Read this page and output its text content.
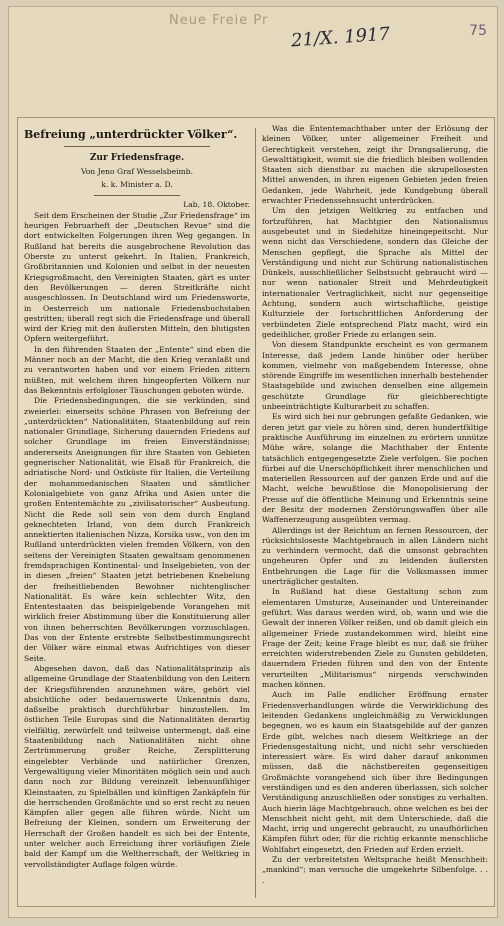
Neue Freie Pr
21/X. 1917	75
Befreiung „unterdrückter Völker“.
Zur Friedensfrage.
Von Jeno Graf Wesselsbeimb.
k. k. Minister a. D.
Lab, 18. Oktober.

Seit dem Erscheinen der Studie „Zur Friedensfrage“ im heurigen Februarheft der „Deutschen Revue“ sind die dort entwickelten Folgerungen ihren Weg gegangen. In Rußland hat bereits die ausgebrochene Revolution das Oberste zu unterst gekehrt. In Italien, Frankreich, Großbritannien und Kolonien und selbst in der neuesten Kriegsgroßmacht, den Vereinigten Staaten, gärt es unter den Bevölkerungen — deren Streitkräfte nicht ausgeschlossen. In Deutschland wird um Friedensworte, in Oesterreich um nationale Friedensbuchstaben gestritten; überall regt sich die Friedensfrage und überall wird der Krieg mit den äußersten Mitteln, den blutigsten Opfern weitergeführt.

In den führenden Staaten der „Entente“ sind eben die Männer noch an der Macht, die den Krieg veranlaßt und zu verantworten haben und vor einem Frieden zittern müßten, mit welchem ihren hingeopferten Völkern nur das Bekenntnis erfolgloser Täuschungen geboten würde.

Die Friedensbedingungen, die sie verkünden, sind zweierlei: einerseits schöne Phrasen von Befreiung der „unterdrückten“ Nationalitäten, Staatenbildung auf rein nationaler Grundlage, Sicherung dauernden Friedens auf solcher Grundlage im freien Einverständnisse; andererseits Aneignungen für ihre Staaten von Gebieten gegnerischer Nationalität, wie Elsaß für Frankreich, die adriatische Nord- und Ostküste für Italien, die Verteilung der mohammedanischen Staaten und sämtlicher Kolonialgebiete von ganz Afrika und Asien unter die großen Ententemächte zu „zivilisatorischer“ Ausbeutung. Nicht die Rede soll sein von dem durch England geknechteten Irland, von dem durch Frankreich annektierten italienischen Nizza, Korsika usw., von den im Rußland unterdrückten vielen fremden Völkern, von den seitens der Vereinigten Staaten gewaltsam genommenen fremdsprachigen Kontinental- und Inselgebieten, von der in diesen „freien“ Staaten jetzt betriebenen Knebelung der freiheitliebenden Bewohner nichtenglischer Nationalität. Es wäre kein schlechter Witz, den Ententestaaten das beispielgebende Vorangehen mit wirklich freier Abstimmung über die Konstituierung aller von ihnen beherrschten Bevölkerungen vorzuschlagen. Das von der Entente erstrebte Selbstbestimmungsrecht der Völker wäre einmal etwas Aufrichtiges von dieser Seite.

Abgesehen davon, daß das Nationalitätsprinzip als allgemeine Grundlage der Staatenbildung von den Leitern der Kriegsführenden anzunehmen wäre, gehört viel absichtliche oder bedauernswerte Unkenntnis dazu, daßselbe praktisch durchführbar hinzustellen. Im östlichen Teile Europas sind die Nationalitäten derartig vielfältig, zerwürfelt und teilweise untermengt, daß eine Staatenbildung nach Nationalitäten nicht ohne Zertrümmerung großer Reiche, Zersplitterung eingelebter Verbände und natürlicher Grenzen, Vergewaltigung vieler Minoritäten möglich sein und auch dann noch zur Bildung vereinzelt lebensunfähiger Kleinstaaten, zu Spielbällen und künftigen Zankäpfeln für die herrschenden Großmächte und so erst recht zu neuen Kämpfen aller gegen alle führen würde. Nicht um Befreiung der Kleinen, sondern um Erweiterung der Herrschaft der Großen handelt es sich bei der Entente, unter welcher auch Erreichung ihrer vorläufigen Ziele bald der Kampf um die Weltherrschaft, der Weltkrieg in vervollständigter Auflage folgen würde.

Was die Ententemachthaber unter der Erlösung der kleinen Völker, unter allgemeiner Freiheit und Gerechtigkeit verstehen, zeigt ihr Drangsalierung, die Gewalttätigkeit, womit sie die friedlich bleiben wollenden Staaten sich dienstbar zu machen die skrupellosesten Mittel anwenden, in ihren eigenen Gebieten jeden freien Gedanken, jede Wahrheit, jede Kundgebung überall erwachter Friedenssehnsucht unterdrücken.

Um den jetzigen Weltkrieg zu entfachen und fortzuführen, hat Machtgier den Nationalismus ausgebeutet und in Siedehitze hineingepeitscht. Nur wenn nicht das Verschiedene, sondern das Gleiche der Menschen gepflegt, die Sprache als Mittel der Verständigung und nicht zur Schürung nationalistischen Dünkels, ausschließlicher Selbstsucht gebraucht wird — nur wenn nationaler Streit und Mehrdeutigkeit internationaler Vertraglichkeit, nicht nur gegenseitige Achtung, sondern auch wirtschaftliche, geistige Kulturziele der fortschrittlichen Anforderung der verbündeten Ziele entsprechend Platz macht, wird ein gedeihlicher, großer Friede zu erlangen sein.

Von diesem Standpunkte erscheint es von germanem Interesse, daß jedem Lande hinüber oder herüber kommen, vielmehr von maßgebendem Interesse, ohne störende Eingriffe im wesentlichen innerhalb bestehender Staatsgebilde und zwischen denselben eine allgemein geschützte Grundlage für gleichberechtigte unbeeinträchtigte Kulturarbeit zu schaffen.

Es wird sich bei nur gebrungen gefaßte Gedanken, wie deren jetzt gar viele zu hören sind, deren hundertfältige praktische Ausführung im einzelnen zu erörtern unnütze Mühe wäre, solange die Machthaber der Entente tatsächlich entgegengesetzte Ziele verfolgen. Sie pochen fürbei auf die Unerschöpflichkeit ihrer menschlichen und materiellen Ressourcen auf der ganzen Erde und auf die Macht, welche bewußtlose die Monopolisierung der Presse auf die öffentliche Meinung und Erkenntnis seine der Besitz der modernen Zerstörungswaffen über alle Waffenerzeugung ausgeübten vermag.

Allerdings ist der Reichtum an fernen Ressourcen, der rücksichtsloseste Machtgebrauch in allen Ländern nicht zu verhindern vermocht, daß die umsonst gebrachten ungeheuren Opfer und zu leidenden äußersten Entbehrungen die Lage für die Volksmassen immer unerträglicher gestalten.

In Rußland hat diese Gestaltung schon zum elementaren Umsturze, Auseinander und Untereinander geführt. Was daraus werden wird, ob, wann und wie die Gewalt der inneren Völker reißen, und ob damit gleich ein allgemeiner Friede zustandekommen wird, bleibt eine Frage der Zeit; keine Frage bleibt es nur, daß sie früher erreichten widerstrebenden Ziele zu Gunsten gebildeten, dauerndem Frieden führen und den von der Entente verurteilten „Militarismus“ nirgends verschwinden machen können.

Auch im Falle endlicher Eröffnung ernster Friedensverhandlungen würde die Verwirklichung des leitenden Gedankens ungleichmäßig zu Verwicklungen begegnen, wo es kaum ein Staatsgebilde auf der ganzen Erde gibt, welches nach diesem Weltkriege an der Friedensgestaltung nicht, und nicht sehr verschieden interessiert wäre. Es wird daher darauf ankommen müssen, daß die nächstbereiten gegenseitigen Großmächte vorangehend sich über ihre Bedingungen verständigen und es den anderen überlassen, sich solcher Verständigung anzuschließen oder sonstiges zu verhalten. Auch hierin läge Machtgebrauch, ohne welchen es bei der Menschheit nicht geht, mit dem Unterschiede, daß die Macht, irrig und ungerecht gebraucht, zu unaufhörlichen Kämpfen führt oder, für die richtig erkannte menschliche Wohlfahrt eingesetzt, den Frieden auf Erden erzielt.

Zu der verbreitetsten Weltsprache heißt Menschheit: „mankind“; man versuche die umgekehrte Silbenfolge. . . .
